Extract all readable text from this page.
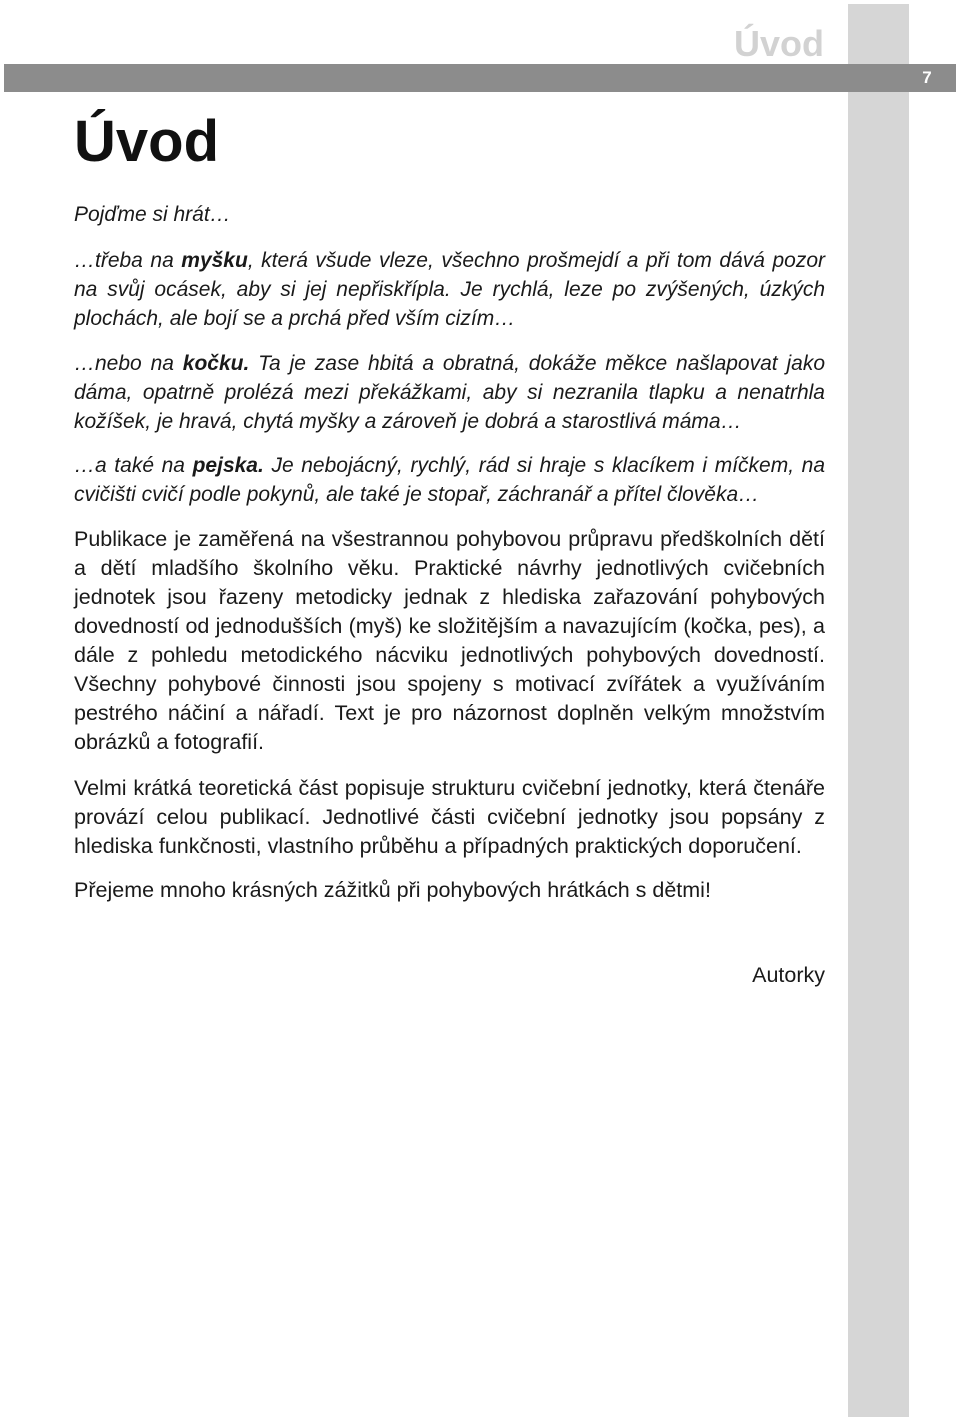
Úvod
7
Úvod

Pojďme si hrát…

…třeba na myšku, která všude vleze, všechno prošmejdí a při tom dává pozor na svůj ocásek, aby si jej nepřiskřípla. Je rychlá, leze po zvýšených, úzkých plochách, ale bojí se a prchá před vším cizím…

…nebo na kočku. Ta je zase hbitá a obratná, dokáže měkce našlapovat jako dáma, opatrně prolézá mezi překážkami, aby si nezranila tlapku a nenatrhla kožíšek, je hravá, chytá myšky a zároveň je dobrá a starostlivá máma…

…a také na pejska. Je nebojácný, rychlý, rád si hraje s klacíkem i míčkem, na cvičišti cvičí podle pokynů, ale také je stopař, záchranář a přítel člověka…

Publikace je zaměřená na všestrannou pohybovou průpravu předškolních dětí a dětí mladšího školního věku. Praktické návrhy jednotlivých cvičebních jednotek jsou řazeny metodicky jednak z hlediska zařazování pohybových dovedností od jednodušších (myš) ke složitějším a navazujícím (kočka, pes), a dále z pohledu metodického nácviku jednotlivých pohybových dovedností. Všechny pohybové činnosti jsou spojeny s motivací zvířátek a využíváním pestrého náčiní a nářadí. Text je pro názornost doplněn velkým množstvím obrázků a fotografií.

Velmi krátká teoretická část popisuje strukturu cvičební jednotky, která čtenáře provází celou publikací. Jednotlivé části cvičební jednotky jsou popsány z hlediska funkčnosti, vlastního průběhu a případných praktických doporučení.

Přejeme mnoho krásných zážitků při pohybových hrátkách s dětmi!

Autorky
